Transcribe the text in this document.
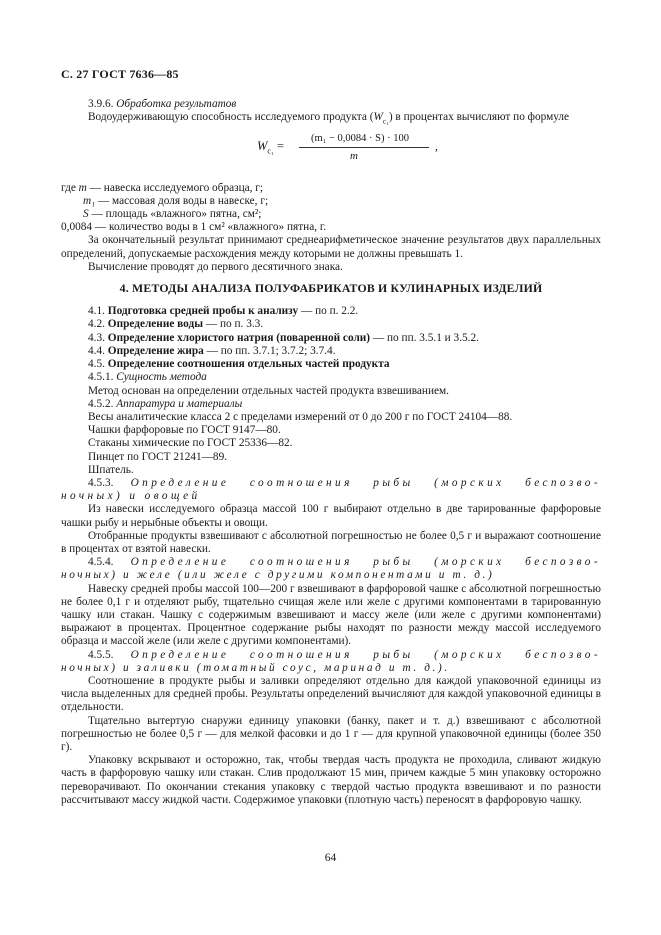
С. 27 ГОСТ 7636—85

3.9.6. Обработка результатов

Водоудерживающую способность исследуемого продукта $(W_{c_1})$ в процентах вычисляют по формуле

$W_{c_1}$ =
(m₁ − 0,0084 · S) · 100
m
,
где m — навеска исследуемого образца, г;
m₁ — массовая доля воды в навеске, г;
S — площадь «влажного» пятна, см²;
0,0084 — количество воды в 1 см² «влажного» пятна, г.

За окончательный результат принимают среднеарифметическое значение результатов двух параллельных определений, допускаемые расхождения между которыми не должны превышать 1.

Вычисление проводят до первого десятичного знака.

4. МЕТОДЫ АНАЛИЗА ПОЛУФАБРИКАТОВ И КУЛИНАРНЫХ ИЗДЕЛИЙ

4.1. Подготовка средней пробы к анализу — по п. 2.2.

4.2. Определение воды — по п. 3.3.

4.3. Определение хлористого натрия (поваренной соли) — по пп. 3.5.1 и 3.5.2.

4.4. Определение жира — по пп. 3.7.1; 3.7.2; 3.7.4.

4.5. Определение соотношения отдельных частей продукта

4.5.1. Сущность метода

Метод основан на определении отдельных частей продукта взвешиванием.

4.5.2. Аппаратура и материалы

Весы аналитические класса 2 с пределами измерений от 0 до 200 г по ГОСТ 24104—88.

Чашки фарфоровые по ГОСТ 9147—80.

Стаканы химические по ГОСТ 25336—82.

Пинцет по ГОСТ 21241—89.

Шпатель.

4.5.3. Определение соотношения рыбы (морских беспозво-

ночных) и овощей

Из навески исследуемого образца массой 100 г выбирают отдельно в две тарированные фарфоровые чашки рыбу и нерыбные объекты и овощи.

Отобранные продукты взвешивают с абсолютной погрешностью не более 0,5 г и выражают соотношение в процентах от взятой навески.

4.5.4. Определение соотношения рыбы (морских беспозво-

ночных) и желе (или желе с другими компонентами и т. д.)

Навеску средней пробы массой 100—200 г взвешивают в фарфоровой чашке с абсолютной погрешностью не более 0,1 г и отделяют рыбу, тщательно счищая желе или желе с другими компонентами в тарированную чашку или стакан. Чашку с содержимым взвешивают и массу желе (или желе с другими компонентами) выражают в процентах. Процентное содержание рыбы находят по разности между массой исследуемого образца и массой желе (или желе с другими компонентами).

4.5.5. Определение соотношения рыбы (морских беспозво-

ночных) и заливки (томатный соус, маринад и т. д.).

Соотношение в продукте рыбы и заливки определяют отдельно для каждой упаковочной единицы из числа выделенных для средней пробы. Результаты определений вычисляют для каждой упаковочной единицы в отдельности.

Тщательно вытертую снаружи единицу упаковки (банку, пакет и т. д.) взвешивают с абсолютной погрешностью не более 0,5 г — для мелкой фасовки и до 1 г — для крупной упаковочной единицы (более 350 г).

Упаковку вскрывают и осторожно, так, чтобы твердая часть продукта не проходила, сливают жидкую часть в фарфоровую чашку или стакан. Слив продолжают 15 мин, причем каждые 5 мин упаковку осторожно переворачивают. По окончании стекания упаковку с твердой частью продукта взвешивают и по разности рассчитывают массу жидкой части. Содержимое упаковки (плотную часть) переносят в фарфоровую чашку.

64
